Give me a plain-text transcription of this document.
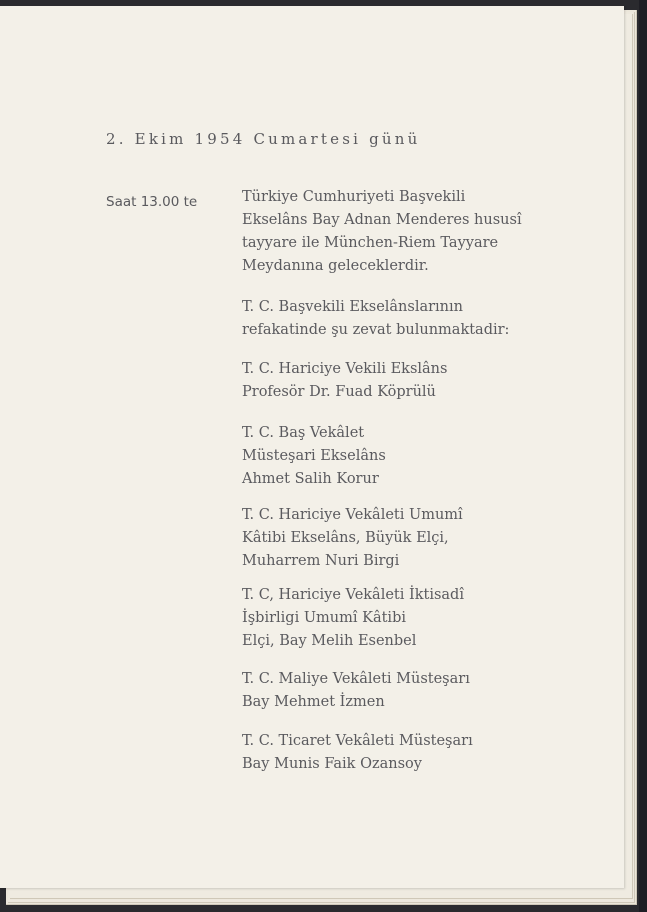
2. Ekim 1954 Cumartesi günü
Saat 13.00 te	Türkiye Cumhuriyeti Başvekili
Ekselâns Bay Adnan Menderes hususî
tayyare ile München-Riem Tayyare
Meydanına geleceklerdir.
T. C. Başvekili Ekselânslarının
refakatinde şu zevat bulunmaktadir:
T. C. Hariciye Vekili Ekslâns
Profesör Dr. Fuad Köprülü
T. C. Baş Vekâlet
Müsteşari Ekselâns
Ahmet Salih Korur
T. C. Hariciye Vekâleti Umumî
Kâtibi Ekselâns, Büyük Elçi,
Muharrem Nuri Birgi
T. C, Hariciye Vekâleti İktisadî
İşbirligi Umumî Kâtibi
Elçi, Bay Melih Esenbel
T. C. Maliye Vekâleti Müsteşarı
Bay Mehmet İzmen
T. C. Ticaret Vekâleti Müsteşarı
Bay Munis Faik Ozansoy
